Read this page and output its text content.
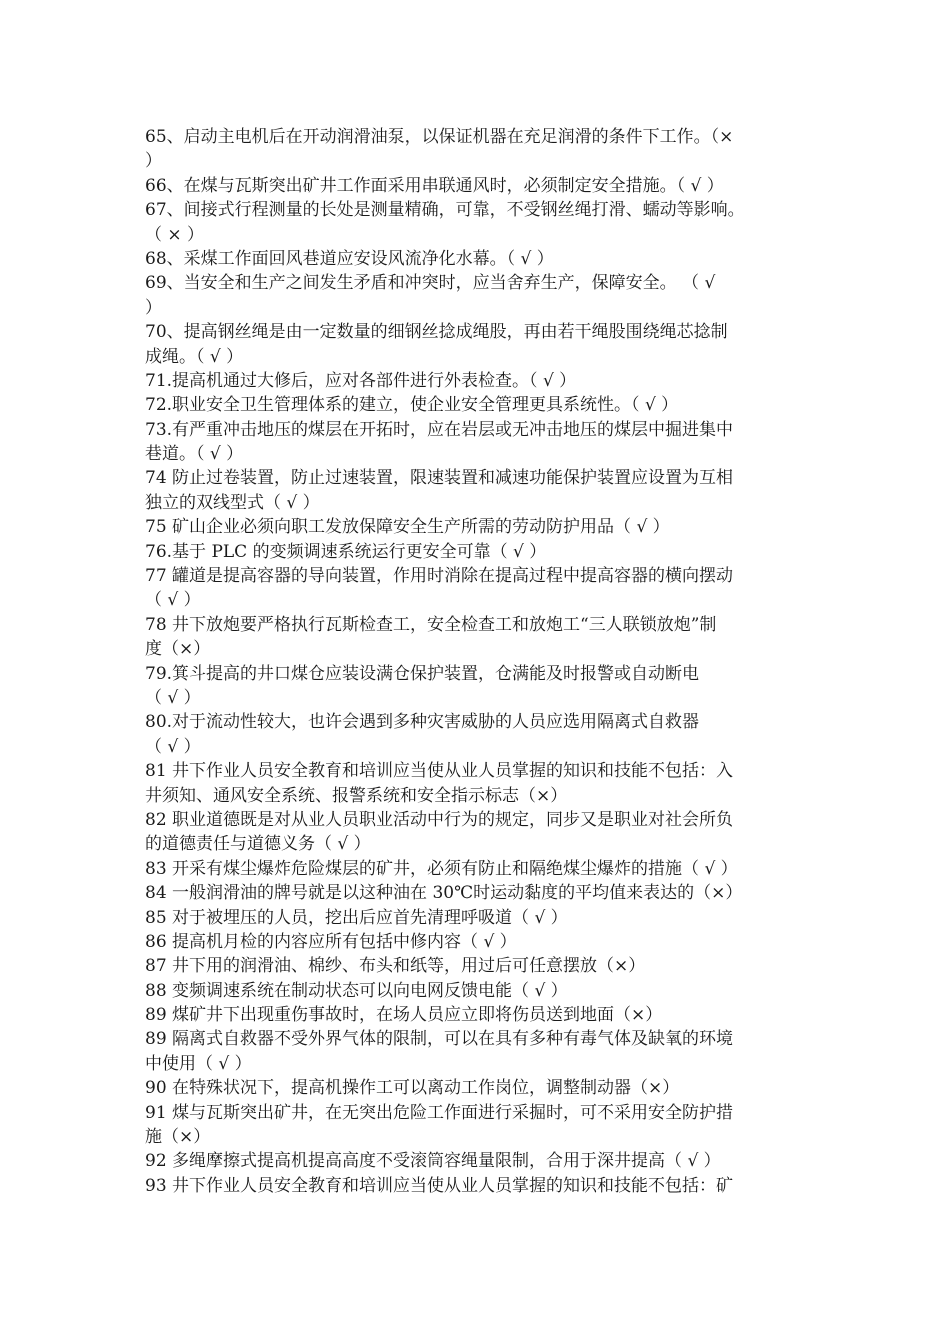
65、启动主电机后在开动润滑油泵，以保证机器在充足润滑的条件下工作。（×
）
66、在煤与瓦斯突出矿井工作面采用串联通风时，必须制定安全措施。（ √ ）
67、间接式行程测量的长处是测量精确，可靠，不受钢丝绳打滑、蠕动等影响。
（ × ）
68、采煤工作面回风巷道应安设风流净化水幕。（ √ ）
69、当安全和生产之间发生矛盾和冲突时，应当舍弃生产，保障安全。 （ √
）
70、提高钢丝绳是由一定数量的细钢丝捻成绳股，再由若干绳股围绕绳芯捻制
成绳。（ √ ）
71.提高机通过大修后，应对各部件进行外表检查。（ √ ）
72.职业安全卫生管理体系的建立，使企业安全管理更具系统性。（ √ ）
73.有严重冲击地压的煤层在开拓时，应在岩层或无冲击地压的煤层中掘进集中
巷道。（ √ ）
74 防止过卷装置，防止过速装置，限速装置和减速功能保护装置应设置为互相
独立的双线型式（ √ ）
75 矿山企业必须向职工发放保障安全生产所需的劳动防护用品（ √ ）
76.基于 PLC 的变频调速系统运行更安全可靠（ √ ）
77 罐道是提高容器的导向装置，作用时消除在提高过程中提高容器的横向摆动
（ √ ）
78 井下放炮要严格执行瓦斯检查工，安全检查工和放炮工“三人联锁放炮”制
度（×）
79.箕斗提高的井口煤仓应装设满仓保护装置，仓满能及时报警或自动断电
（ √ ）
80.对于流动性较大，也许会遇到多种灾害威胁的人员应选用隔离式自救器
（ √ ）
81 井下作业人员安全教育和培训应当使从业人员掌握的知识和技能不包括：入
井须知、通风安全系统、报警系统和安全指示标志（×）
82 职业道德既是对从业人员职业活动中行为的规定，同步又是职业对社会所负
的道德责任与道德义务（ √ ）
83 开采有煤尘爆炸危险煤层的矿井，必须有防止和隔绝煤尘爆炸的措施（ √ ）
84 一般润滑油的牌号就是以这种油在 30℃时运动黏度的平均值来表达的（×）
85 对于被埋压的人员，挖出后应首先清理呼吸道（ √ ）
86 提高机月检的内容应所有包括中修内容（ √ ）
87 井下用的润滑油、棉纱、布头和纸等，用过后可任意摆放（×）
88 变频调速系统在制动状态可以向电网反馈电能（ √ ）
89 煤矿井下出现重伤事故时，在场人员应立即将伤员送到地面（×）
89 隔离式自救器不受外界气体的限制，可以在具有多种有毒气体及缺氧的环境
中使用（ √ ）
90 在特殊状况下，提高机操作工可以离动工作岗位，调整制动器（×）
91 煤与瓦斯突出矿井，在无突出危险工作面进行采掘时，可不采用安全防护措
施（×）
92 多绳摩擦式提高机提高高度不受滚筒容绳量限制，合用于深井提高（ √ ）
93 井下作业人员安全教育和培训应当使从业人员掌握的知识和技能不包括：矿
